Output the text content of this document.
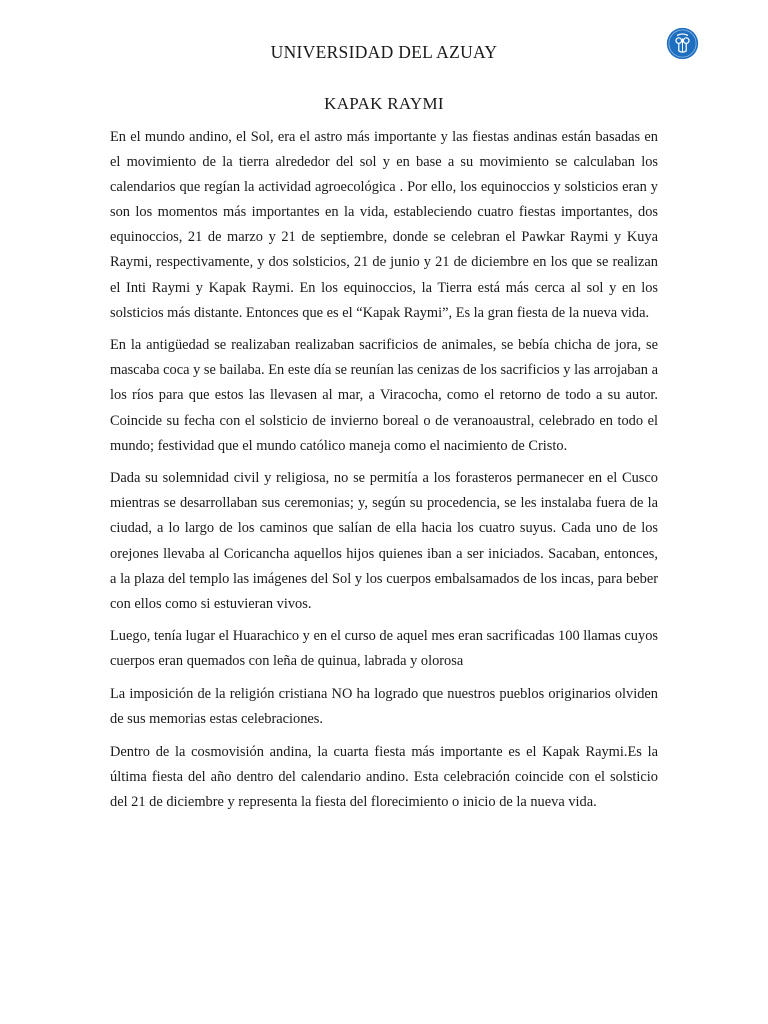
UNIVERSIDAD DEL AZUAY
KAPAK RAYMI

En el mundo andino, el Sol, era el astro más importante y las fiestas andinas están basadas en el movimiento de la tierra alrededor del sol y en base a su movimiento se calculaban los calendarios que regían la actividad agroecológica . Por ello, los equinoccios y solsticios eran y son los momentos más importantes en la vida, estableciendo cuatro fiestas importantes, dos equinoccios, 21 de marzo y 21 de septiembre, donde se celebran el Pawkar Raymi y Kuya Raymi, respectivamente, y dos solsticios, 21 de junio y 21 de diciembre en los que se realizan el Inti Raymi y Kapak Raymi. En los equinoccios, la Tierra está más cerca al sol y en los solsticios más distante. Entonces que es el “Kapak Raymi”, Es la gran fiesta de la nueva vida.

En la antigüedad se realizaban realizaban sacrificios de animales, se bebía chicha de jora, se mascaba coca y se bailaba. En este día se reunían las cenizas de los sacrificios y las arrojaban a los ríos para que estos las llevasen al mar, a Viracocha, como el retorno de todo a su autor. Coincide su fecha con el solsticio de invierno boreal o de veranoaustral, celebrado en todo el mundo; festividad que el mundo católico maneja como el nacimiento de Cristo.

Dada su solemnidad civil y religiosa, no se permitía a los forasteros permanecer en el Cusco mientras se desarrollaban sus ceremonias; y, según su procedencia, se les instalaba fuera de la ciudad, a lo largo de los caminos que salían de ella hacia los cuatro suyus. Cada uno de los orejones llevaba al Coricancha aquellos hijos quienes iban a ser iniciados. Sacaban, entonces, a la plaza del templo las imágenes del Sol y los cuerpos embalsamados de los incas, para beber con ellos como si estuvieran vivos.

Luego, tenía lugar el Huarachico y en el curso de aquel mes eran sacrificadas 100 llamas cuyos cuerpos eran quemados con leña de quinua, labrada y olorosa

La imposición de la religión cristiana NO ha logrado que nuestros pueblos originarios olviden de sus memorias estas celebraciones.

Dentro de la cosmovisión andina, la cuarta fiesta más importante es el Kapak Raymi.Es la última fiesta del año dentro del calendario andino. Esta celebración coincide con el solsticio del 21 de diciembre y representa la fiesta del florecimiento o inicio de la nueva vida.
